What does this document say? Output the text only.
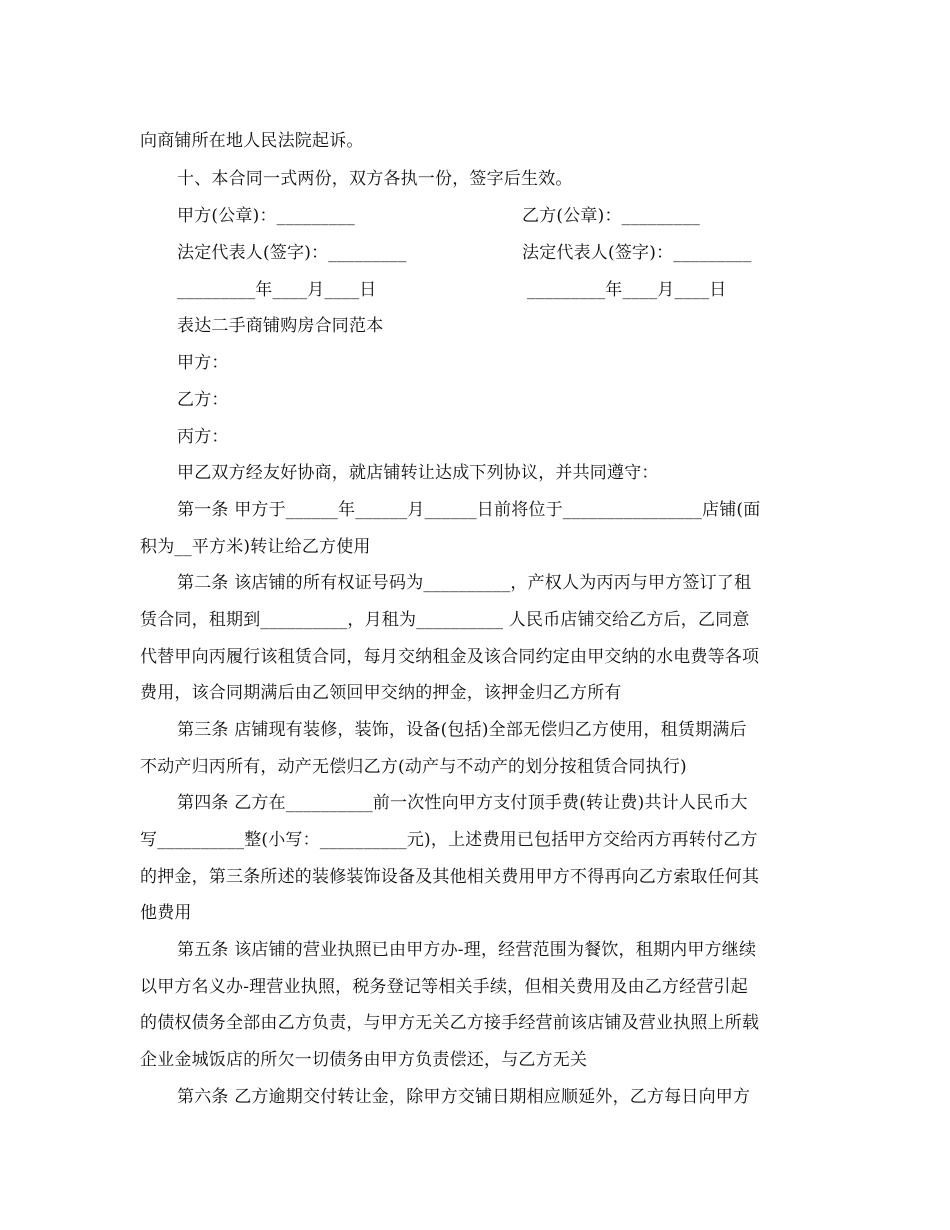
向商铺所在地人民法院起诉。
十、本合同一式两份，双方各执一份，签字后生效。
甲方(公章)：_________	乙方(公章)：_________
法定代表人(签字)：_________	法定代表人(签字)：_________
_________年____月____日	_________年____月____日
表达二手商铺购房合同范本
甲方：
乙方：
丙方：
甲乙双方经友好协商，就店铺转让达成下列协议，并共同遵守：
第一条 甲方于______年______月______日前将位于________________店铺(面
积为__平方米)转让给乙方使用
第二条 该店铺的所有权证号码为__________，产权人为丙丙与甲方签订了租
赁合同，租期到__________，月租为__________ 人民币店铺交给乙方后，乙同意
代替甲向丙履行该租赁合同，每月交纳租金及该合同约定由甲交纳的水电费等各项
费用，该合同期满后由乙领回甲交纳的押金，该押金归乙方所有
第三条 店铺现有装修，装饰，设备(包括)全部无偿归乙方使用，租赁期满后
不动产归丙所有，动产无偿归乙方(动产与不动产的划分按租赁合同执行)
第四条 乙方在__________前一次性向甲方支付顶手费(转让费)共计人民币大
写__________整(小写：__________元)，上述费用已包括甲方交给丙方再转付乙方
的押金，第三条所述的装修装饰设备及其他相关费用甲方不得再向乙方索取任何其
他费用
第五条 该店铺的营业执照已由甲方办-理，经营范围为餐饮，租期内甲方继续
以甲方名义办-理营业执照，税务登记等相关手续，但相关费用及由乙方经营引起
的债权债务全部由乙方负责，与甲方无关乙方接手经营前该店铺及营业执照上所载
企业金城饭店的所欠一切债务由甲方负责偿还，与乙方无关
第六条 乙方逾期交付转让金，除甲方交铺日期相应顺延外，乙方每日向甲方
